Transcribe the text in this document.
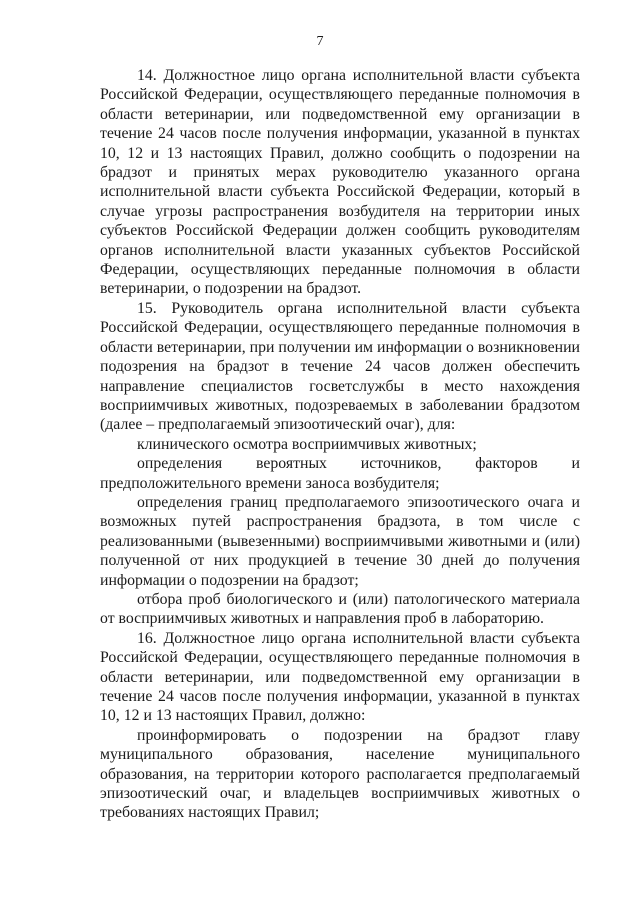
7

14. Должностное лицо органа исполнительной власти субъекта Российской Федерации, осуществляющего переданные полномочия в области ветеринарии, или подведомственной ему организации в течение 24 часов после получения информации, указанной в пунктах 10, 12 и 13 настоящих Правил, должно сообщить о подозрении на брадзот и принятых мерах руководителю указанного органа исполнительной власти субъекта Российской Федерации, который в случае угрозы распространения возбудителя на территории иных субъектов Российской Федерации должен сообщить руководителям органов исполнительной власти указанных субъектов Российской Федерации, осуществляющих переданные полномочия в области ветеринарии, о подозрении на брадзот.

15. Руководитель органа исполнительной власти субъекта Российской Федерации, осуществляющего переданные полномочия в области ветеринарии, при получении им информации о возникновении подозрения на брадзот в течение 24 часов должен обеспечить направление специалистов госветслужбы в место нахождения восприимчивых животных, подозреваемых в заболевании брадзотом (далее – предполагаемый эпизоотический очаг), для:

клинического осмотра восприимчивых животных;

определения вероятных источников, факторов и предположительного времени заноса возбудителя;

определения границ предполагаемого эпизоотического очага и возможных путей распространения брадзота, в том числе с реализованными (вывезенными) восприимчивыми животными и (или) полученной от них продукцией в течение 30 дней до получения информации о подозрении на брадзот;

отбора проб биологического и (или) патологического материала от восприимчивых животных и направления проб в лабораторию.

16. Должностное лицо органа исполнительной власти субъекта Российской Федерации, осуществляющего переданные полномочия в области ветеринарии, или подведомственной ему организации в течение 24 часов после получения информации, указанной в пунктах 10, 12 и 13 настоящих Правил, должно:

проинформировать о подозрении на брадзот главу муниципального образования, население муниципального образования, на территории которого располагается предполагаемый эпизоотический очаг, и владельцев восприимчивых животных о требованиях настоящих Правил;
